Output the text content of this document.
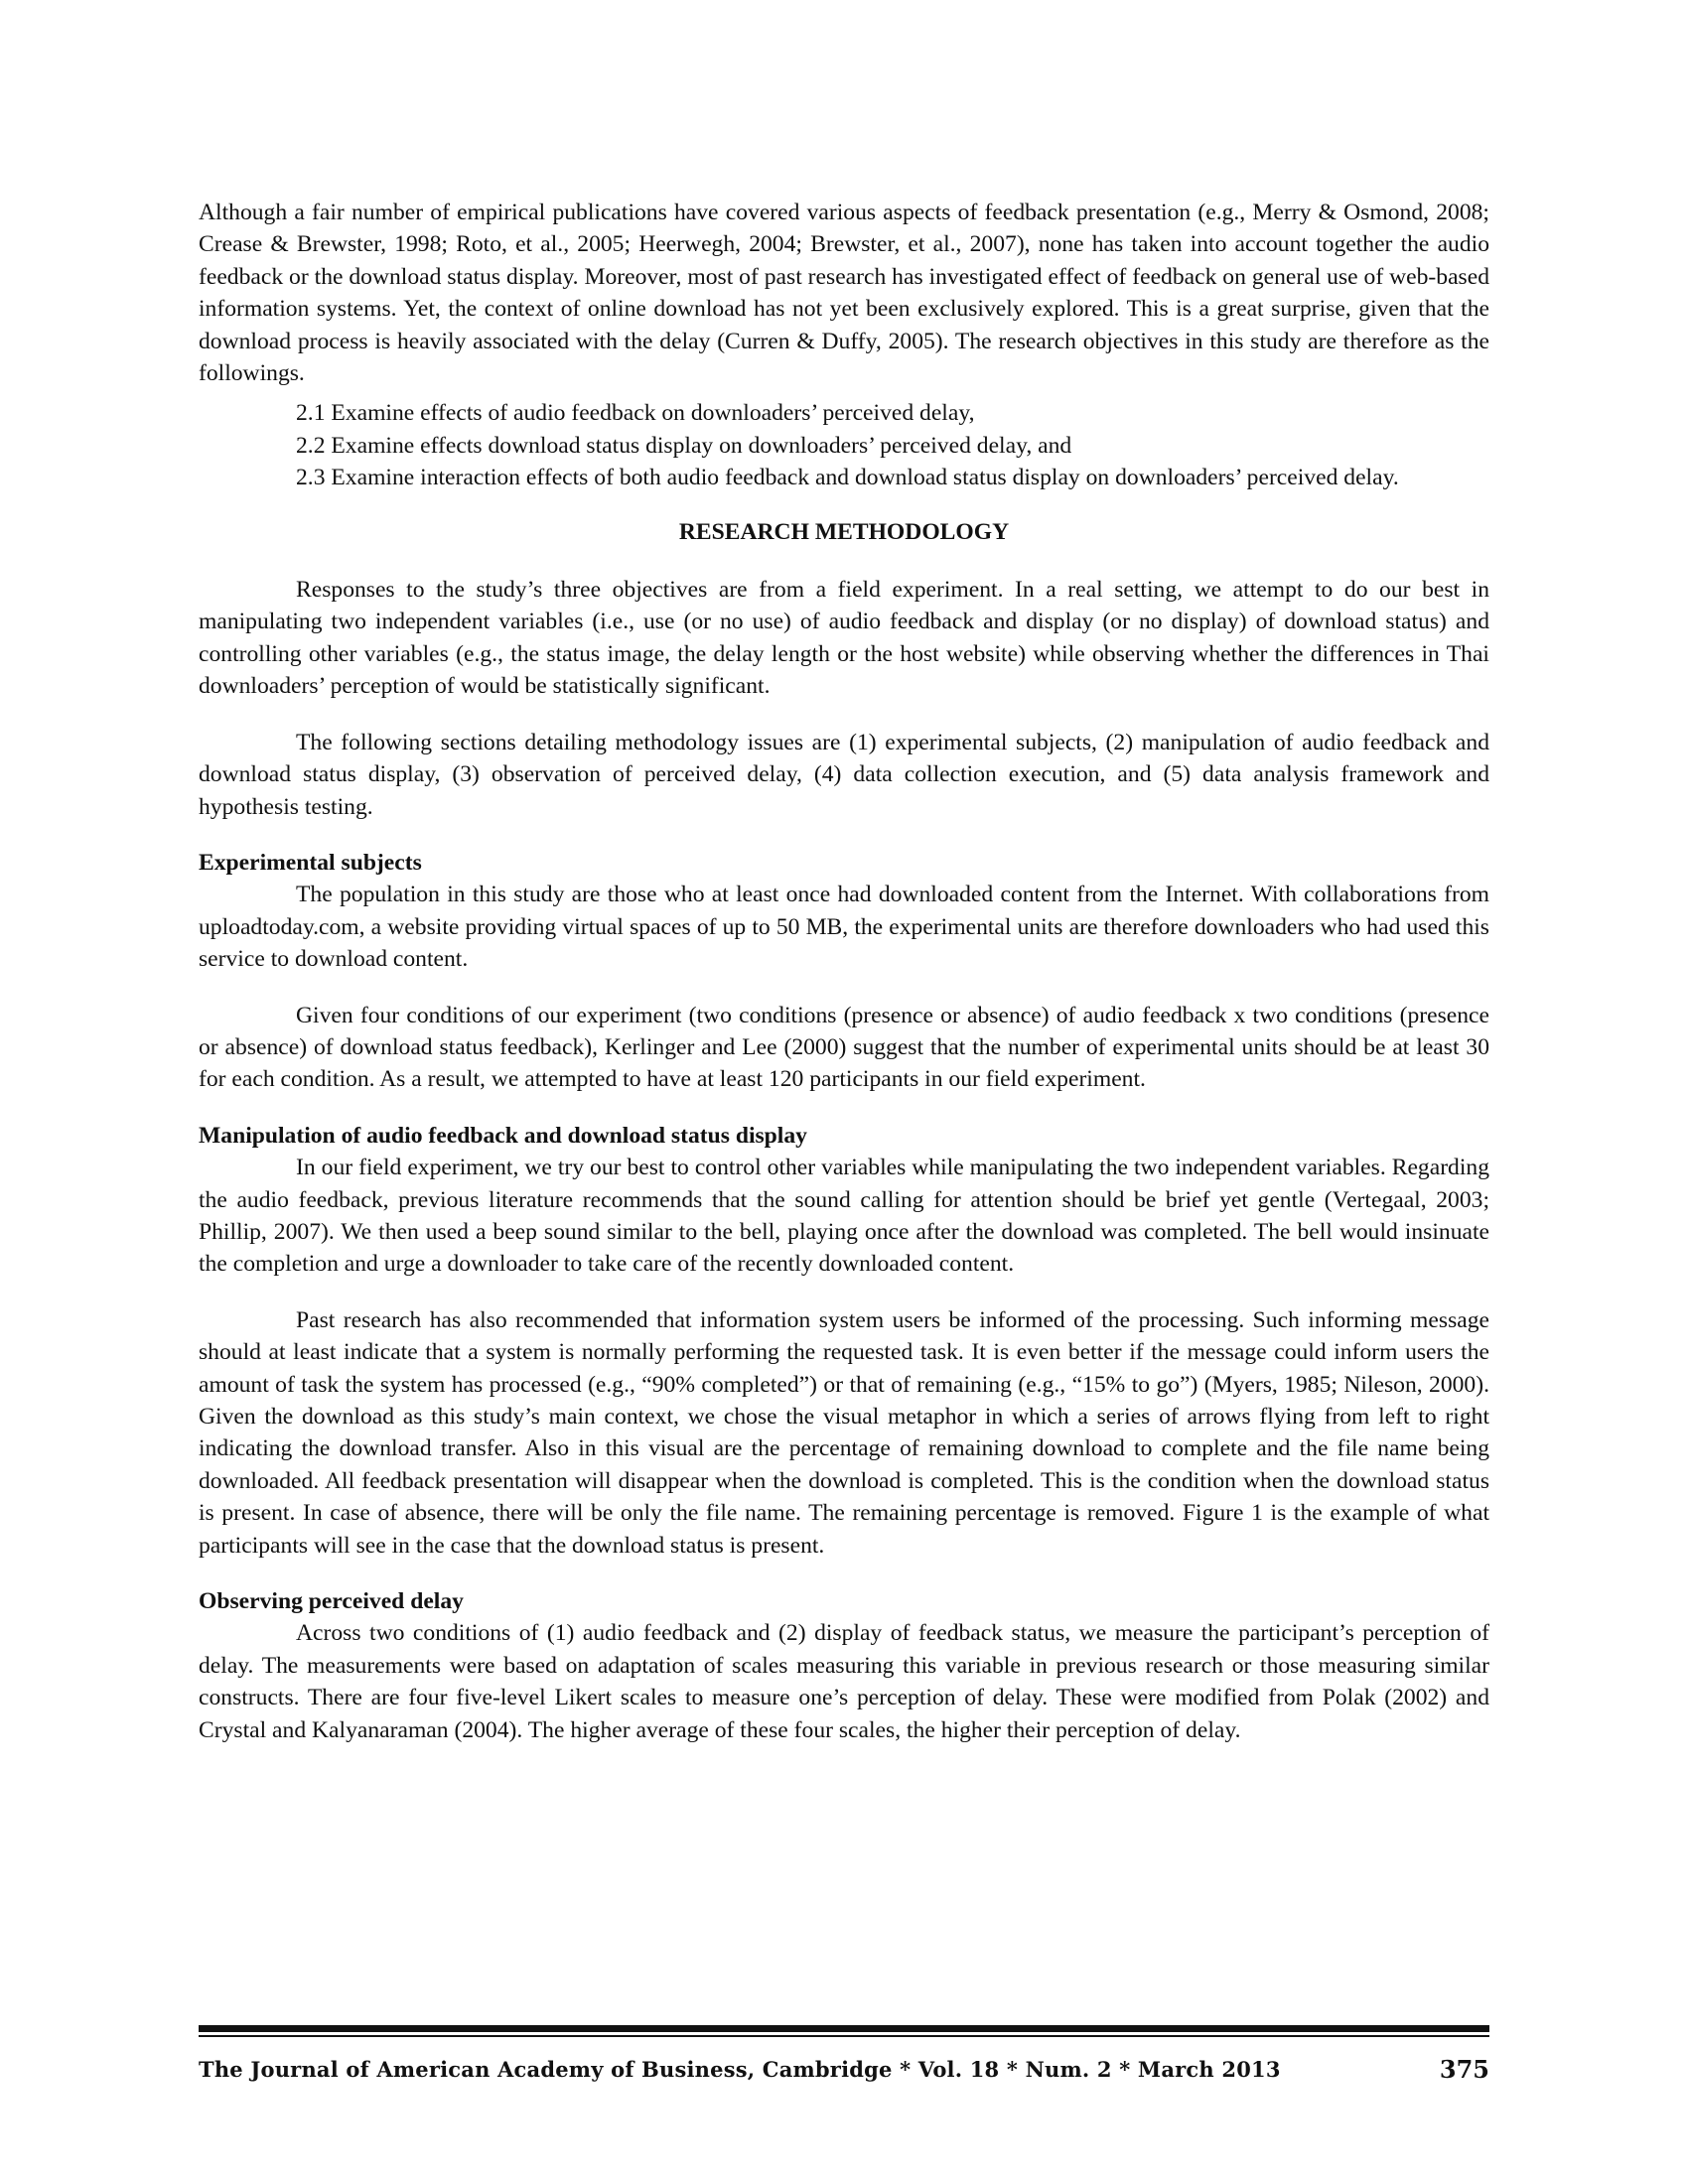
Although a fair number of empirical publications have covered various aspects of feedback presentation (e.g., Merry & Osmond, 2008; Crease & Brewster, 1998; Roto, et al., 2005; Heerwegh, 2004; Brewster, et al., 2007), none has taken into account together the audio feedback or the download status display. Moreover, most of past research has investigated effect of feedback on general use of web-based information systems. Yet, the context of online download has not yet been exclusively explored. This is a great surprise, given that the download process is heavily associated with the delay (Curren & Duffy, 2005). The research objectives in this study are therefore as the followings.

2.1 Examine effects of audio feedback on downloaders’ perceived delay,
2.2 Examine effects download status display on downloaders’ perceived delay, and
2.3 Examine interaction effects of both audio feedback and download status display on downloaders’ perceived delay.
RESEARCH METHODOLOGY

Responses to the study’s three objectives are from a field experiment. In a real setting, we attempt to do our best in manipulating two independent variables (i.e., use (or no use) of audio feedback and display (or no display) of download status) and controlling other variables (e.g., the status image, the delay length or the host website) while observing whether the differences in Thai downloaders’ perception of would be statistically significant.

The following sections detailing methodology issues are (1) experimental subjects, (2) manipulation of audio feedback and download status display, (3) observation of perceived delay, (4) data collection execution, and (5) data analysis framework and hypothesis testing.

Experimental subjects

The population in this study are those who at least once had downloaded content from the Internet. With collaborations from uploadtoday.com, a website providing virtual spaces of up to 50 MB, the experimental units are therefore downloaders who had used this service to download content.

Given four conditions of our experiment (two conditions (presence or absence) of audio feedback x two conditions (presence or absence) of download status feedback), Kerlinger and Lee (2000) suggest that the number of experimental units should be at least 30 for each condition. As a result, we attempted to have at least 120 participants in our field experiment.

Manipulation of audio feedback and download status display

In our field experiment, we try our best to control other variables while manipulating the two independent variables. Regarding the audio feedback, previous literature recommends that the sound calling for attention should be brief yet gentle (Vertegaal, 2003; Phillip, 2007). We then used a beep sound similar to the bell, playing once after the download was completed. The bell would insinuate the completion and urge a downloader to take care of the recently downloaded content.

Past research has also recommended that information system users be informed of the processing. Such informing message should at least indicate that a system is normally performing the requested task. It is even better if the message could inform users the amount of task the system has processed (e.g., “90% completed”) or that of remaining (e.g., “15% to go”) (Myers, 1985; Nileson, 2000). Given the download as this study’s main context, we chose the visual metaphor in which a series of arrows flying from left to right indicating the download transfer. Also in this visual are the percentage of remaining download to complete and the file name being downloaded. All feedback presentation will disappear when the download is completed. This is the condition when the download status is present. In case of absence, there will be only the file name. The remaining percentage is removed. Figure 1 is the example of what participants will see in the case that the download status is present.

Observing perceived delay

Across two conditions of (1) audio feedback and (2) display of feedback status, we measure the participant’s perception of delay. The measurements were based on adaptation of scales measuring this variable in previous research or those measuring similar constructs. There are four five-level Likert scales to measure one’s perception of delay. These were modified from Polak (2002) and Crystal and Kalyanaraman (2004). The higher average of these four scales, the higher their perception of delay.

The Journal of American Academy of Business, Cambridge * Vol. 18 * Num. 2 * March 2013	375
